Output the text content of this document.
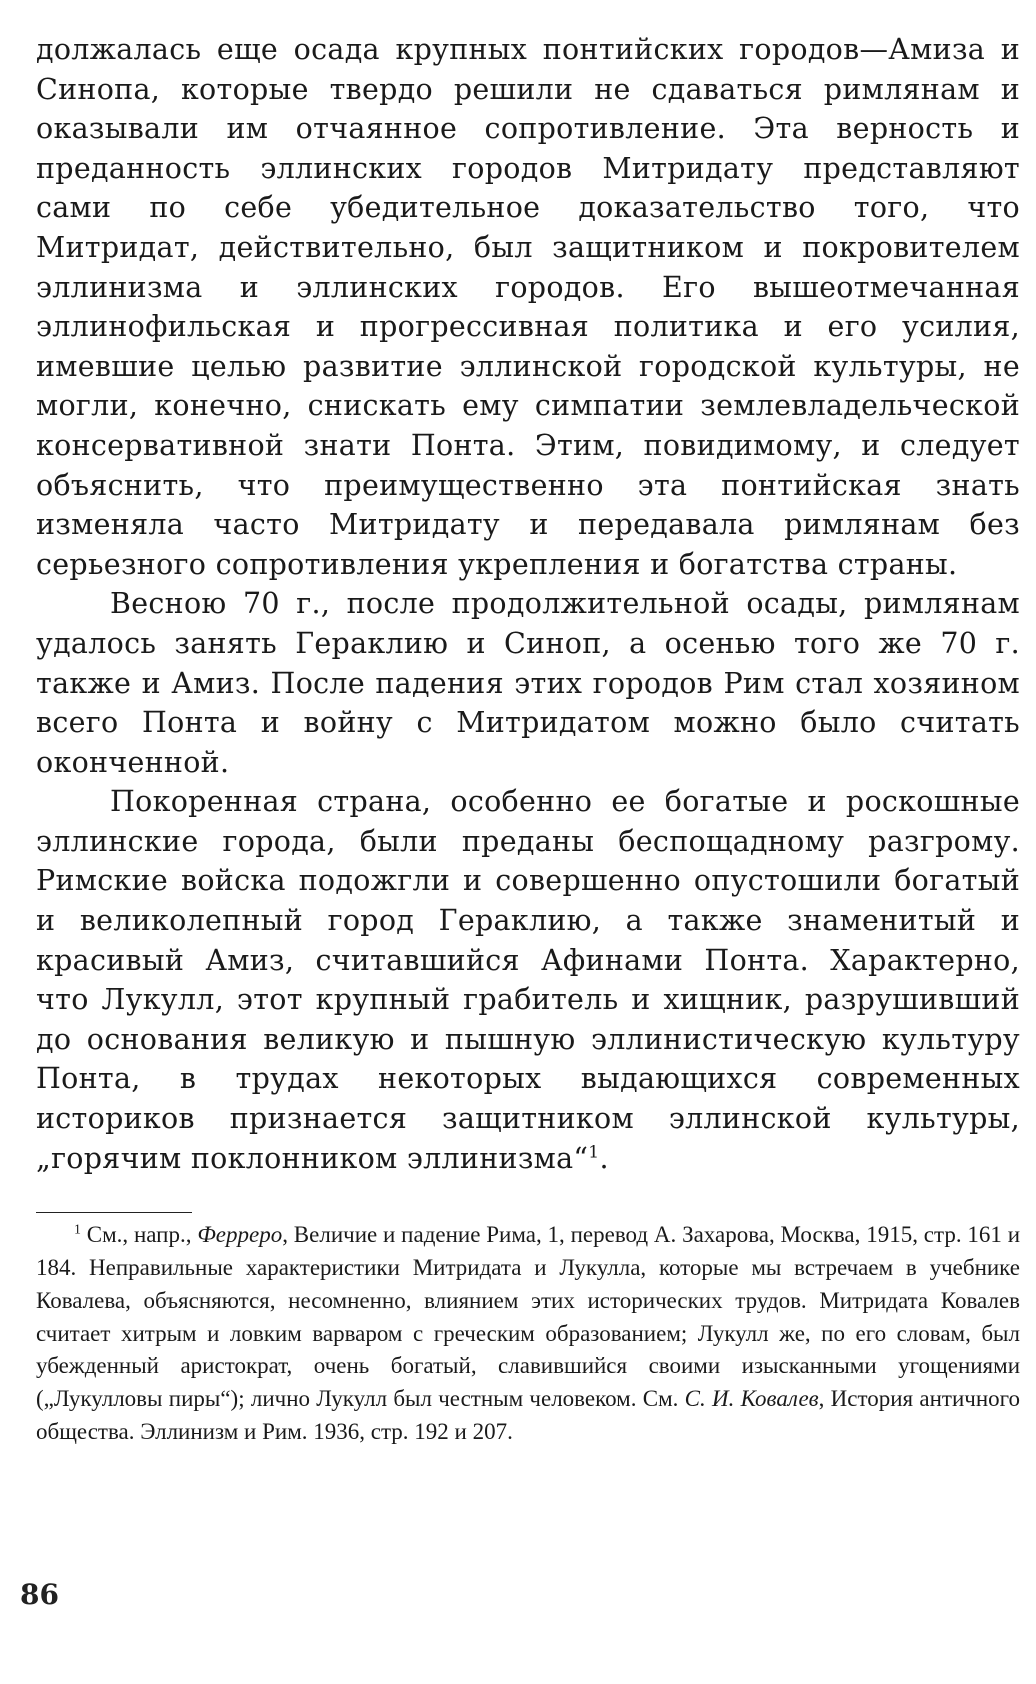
должалась еще осада крупных понтийских городов—Амиза и Синопа, которые твердо решили не сдаваться римлянам и оказывали им отчаянное сопротивление. Эта верность и преданность эллинских городов Митридату представляют сами по себе убедительное доказательство того, что Митридат, действительно, был защитником и покровителем эллинизма и эллинских городов. Его вышеотмечанная эллинофильская и прогрессивная политика и его усилия, имевшие целью развитие эллинской городской культуры, не могли, конечно, снискать ему симпатии землевладельческой консервативной знати Понта. Этим, повидимому, и следует объяснить, что преимущественно эта понтийская знать изменяла часто Митридату и передавала римлянам без серьезного сопротивления укрепления и богатства страны.

Весною 70 г., после продолжительной осады, римлянам удалось занять Гераклию и Синоп, а осенью того же 70 г. также и Амиз. После падения этих городов Рим стал хозяином всего Понта и войну с Митридатом можно было считать оконченной.

Покоренная страна, особенно ее богатые и роскошные эллинские города, были преданы беспощадному разгрому. Римские войска подожгли и совершенно опустошили богатый и великолепный город Гераклию, а также знаменитый и красивый Амиз, считавшийся Афинами Понта. Характерно, что Лукулл, этот крупный грабитель и хищник, разрушивший до основания великую и пышную эллинистическую культуру Понта, в трудах некоторых выдающихся современных историков признается защитником эллинской культуры, „горячим поклонником эллинизма“$^1$.

$^1$ См., напр., Ферреро, Величие и падение Рима, 1, перевод А. Захарова, Москва, 1915, стр. 161 и 184. Неправильные характеристики Митридата и Лукулла, которые мы встречаем в учебнике Ковалева, объясняются, несомненно, влиянием этих исторических трудов. Митридата Ковалев считает хитрым и ловким варваром с греческим образованием; Лукулл же, по его словам, был убежденный аристократ, очень богатый, славившийся своими изысканными угощениями („Лукулловы пиры“); лично Лукулл был честным человеком. См. С. И. Ковалев, История античного общества. Эллинизм и Рим. 1936, стр. 192 и 207.

86
